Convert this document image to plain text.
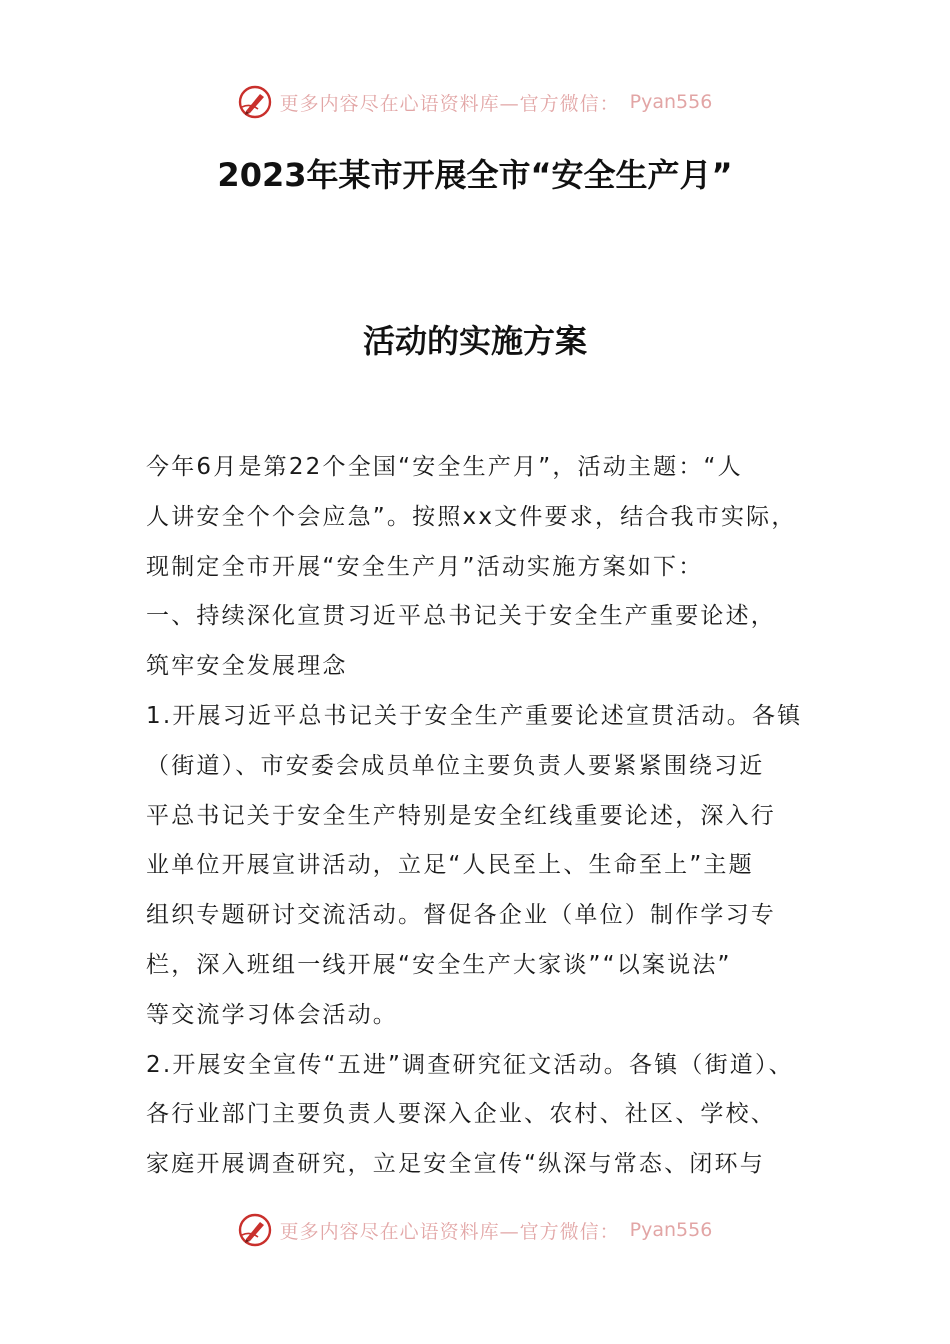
更多内容尽在心语资料库—官方微信： Pyan556
2023年某市开展全市“安全生产月”
活动的实施方案
今年6月是第22个全国“安全生产月”，活动主题：“人
人讲安全个个会应急”。按照xx文件要求，结合我市实际，
现制定全市开展“安全生产月”活动实施方案如下：
一、持续深化宣贯习近平总书记关于安全生产重要论述，
筑牢安全发展理念
1.开展习近平总书记关于安全生产重要论述宣贯活动。各镇
（街道）、市安委会成员单位主要负责人要紧紧围绕习近
平总书记关于安全生产特别是安全红线重要论述，深入行
业单位开展宣讲活动，立足“人民至上、生命至上”主题
组织专题研讨交流活动。督促各企业（单位）制作学习专
栏，深入班组一线开展“安全生产大家谈”“以案说法”
等交流学习体会活动。
2.开展安全宣传“五进”调查研究征文活动。各镇（街道）、
各行业部门主要负责人要深入企业、农村、社区、学校、
家庭开展调查研究，立足安全宣传“纵深与常态、闭环与
更多内容尽在心语资料库—官方微信： Pyan556
